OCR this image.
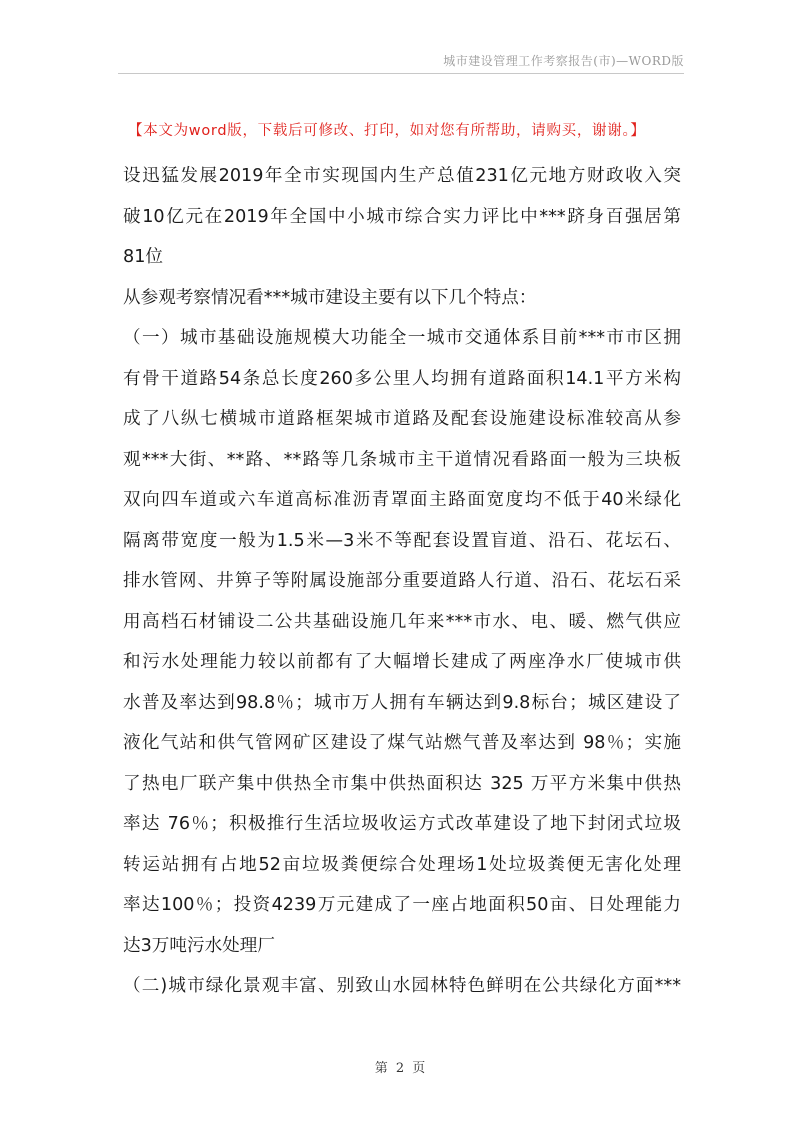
城市建设管理工作考察报告(市)—WORD版
【本文为word版，下载后可修改、打印，如对您有所帮助，请购买，谢谢。】
设迅猛发展2019年全市实现国内生产总值231亿元地方财政收入突
破10亿元在2019年全国中小城市综合实力评比中***跻身百强居第
81位
从参观考察情况看***城市建设主要有以下几个特点：
（一）城市基础设施规模大功能全一城市交通体系目前***市市区拥
有骨干道路54条总长度260多公里人均拥有道路面积14.1平方米构
成了八纵七横城市道路框架城市道路及配套设施建设标准较高从参
观***大街、**路、**路等几条城市主干道情况看路面一般为三块板
双向四车道或六车道高标准沥青罩面主路面宽度均不低于40米绿化
隔离带宽度一般为1.5米—3米不等配套设置盲道、沿石、花坛石、
排水管网、井箅子等附属设施部分重要道路人行道、沿石、花坛石采
用高档石材铺设二公共基础设施几年来***市水、电、暖、燃气供应
和污水处理能力较以前都有了大幅增长建成了两座净水厂使城市供
水普及率达到98.8％；城市万人拥有车辆达到9.8标台；城区建设了
液化气站和供气管网矿区建设了煤气站燃气普及率达到 98％；实施
了热电厂联产集中供热全市集中供热面积达 325 万平方米集中供热
率达 76％；积极推行生活垃圾收运方式改革建设了地下封闭式垃圾
转运站拥有占地52亩垃圾粪便综合处理场1处垃圾粪便无害化处理
率达100％；投资4239万元建成了一座占地面积50亩、日处理能力
达3万吨污水处理厂
（二)城市绿化景观丰富、别致山水园林特色鲜明在公共绿化方面***
第 2 页
